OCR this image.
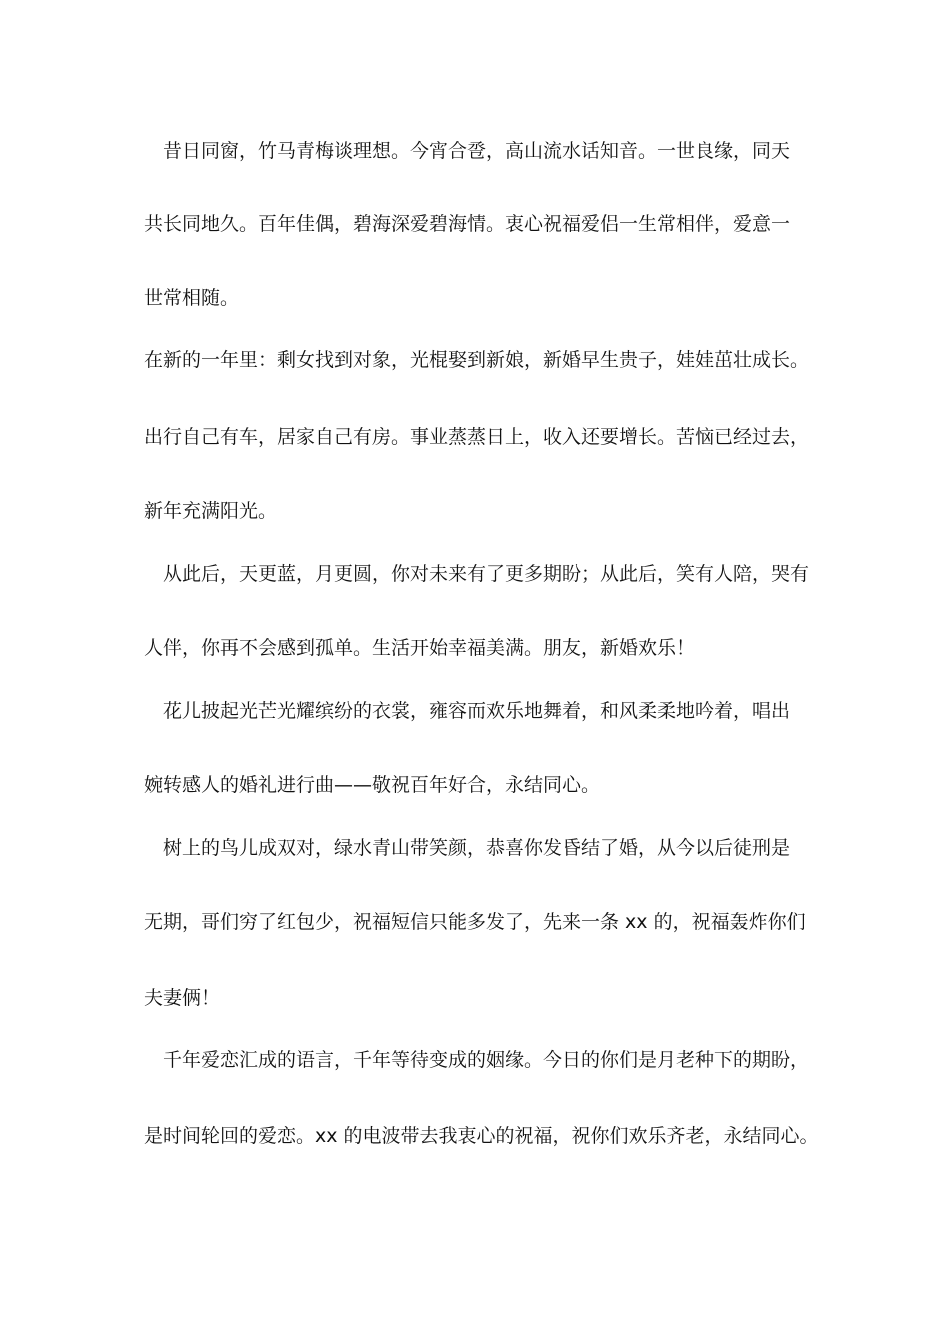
　昔日同窗，竹马青梅谈理想。今宵合卺，高山流水话知音。一世良缘，同天
共长同地久。百年佳偶，碧海深爱碧海情。衷心祝福爱侣一生常相伴，爱意一
世常相随。
在新的一年里：剩女找到对象，光棍娶到新娘，新婚早生贵子，娃娃茁壮成长。
出行自己有车，居家自己有房。事业蒸蒸日上，收入还要增长。苦恼已经过去，
新年充满阳光。
　从此后，天更蓝，月更圆，你对未来有了更多期盼；从此后，笑有人陪，哭有
人伴，你再不会感到孤单。生活开始幸福美满。朋友，新婚欢乐！
　花儿披起光芒光耀缤纷的衣裳，雍容而欢乐地舞着，和风柔柔地吟着，唱出
婉转感人的婚礼进行曲——敬祝百年好合，永结同心。
　树上的鸟儿成双对，绿水青山带笑颜，恭喜你发昏结了婚，从今以后徒刑是
无期，哥们穷了红包少，祝福短信只能多发了，先来一条 xx 的，祝福轰炸你们
夫妻俩！
　千年爱恋汇成的语言，千年等待变成的姻缘。今日的你们是月老种下的期盼，
是时间轮回的爱恋。xx 的电波带去我衷心的祝福，祝你们欢乐齐老，永结同心。
